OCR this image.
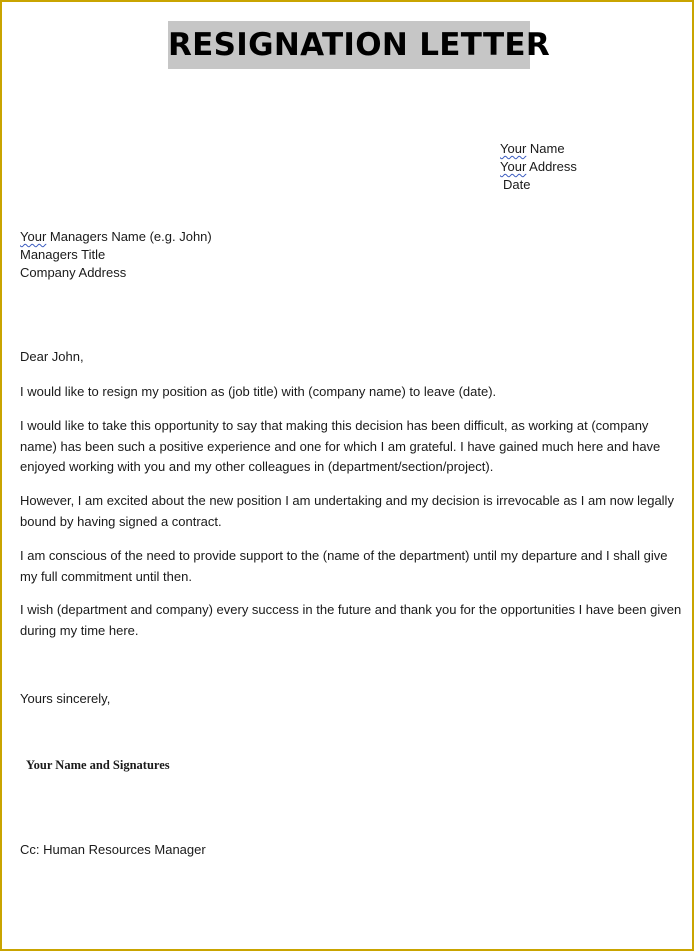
RESIGNATION LETTER
Your Name
Your Address
Date
Your Managers Name (e.g. John)
Managers Title
Company Address
Dear John,
I would like to resign my position as (job title) with (company name) to leave (date).
I would like to take this opportunity to say that making this decision has been difficult, as working at (company name) has been such a positive experience and one for which I am grateful. I have gained much here and have enjoyed working with you and my other colleagues in (department/section/project).
However, I am excited about the new position I am undertaking and my decision is irrevocable as I am now legally bound by having signed a contract.
I am conscious of the need to provide support to the (name of the department) until my departure and I shall give my full commitment until then.
I wish (department and company) every success in the future and thank you for the opportunities I have been given during my time here.
Yours sincerely,
Your Name and Signatures
Cc: Human Resources Manager
